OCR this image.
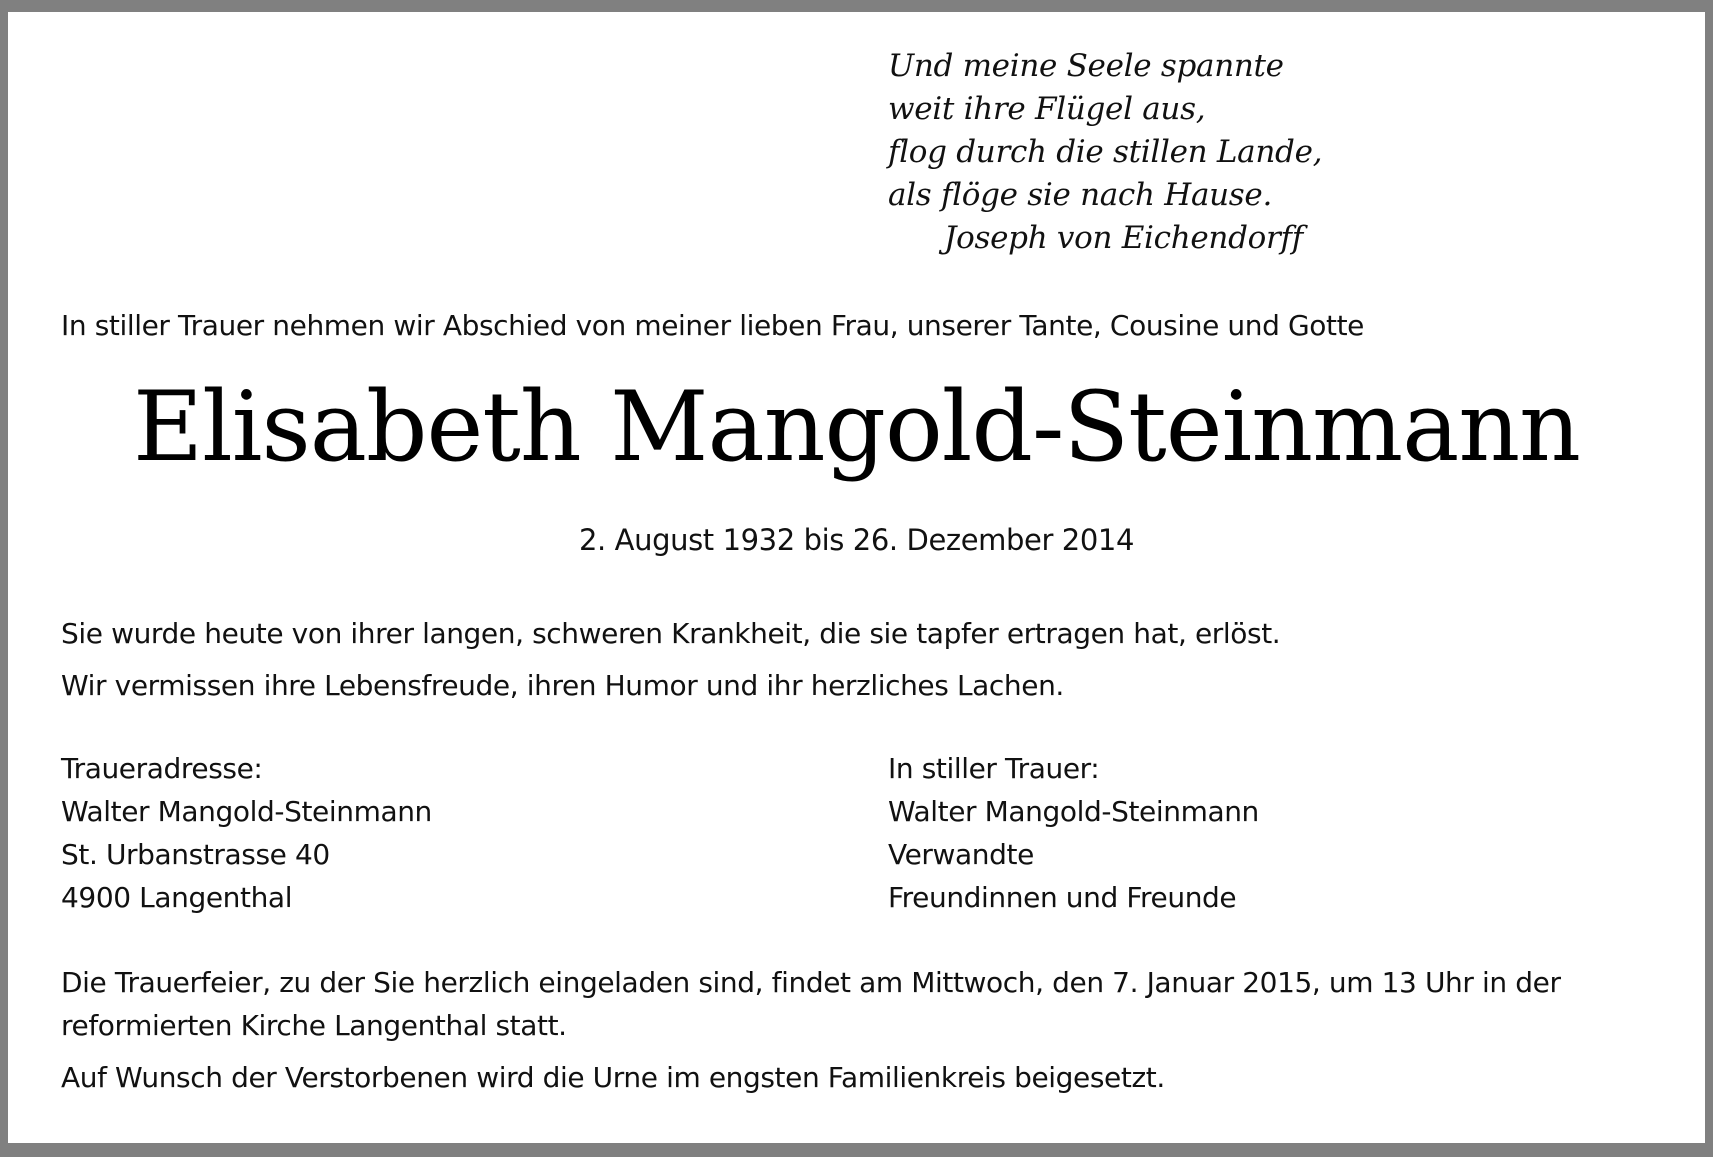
Und meine Seele spannte
weit ihre Flügel aus,
flog durch die stillen Lande,
als flöge sie nach Hause.
Joseph von Eichendorff
In stiller Trauer nehmen wir Abschied von meiner lieben Frau, unserer Tante, Cousine und Gotte
Elisabeth Mangold-Steinmann
2. August 1932 bis 26. Dezember 2014

Sie wurde heute von ihrer langen, schweren Krankheit, die sie tapfer ertragen hat, erlöst.

Wir vermissen ihre Lebensfreude, ihren Humor und ihr herzliches Lachen.

Traueradresse:
Walter Mangold-Steinmann
St. Urbanstrasse 40
4900 Langenthal
In stiller Trauer:
Walter Mangold-Steinmann
Verwandte
Freundinnen und Freunde

Die Trauerfeier, zu der Sie herzlich eingeladen sind, findet am Mittwoch, den 7. Januar 2015, um 13 Uhr in der reformierten Kirche Langenthal statt.

Auf Wunsch der Verstorbenen wird die Urne im engsten Familienkreis beigesetzt.
